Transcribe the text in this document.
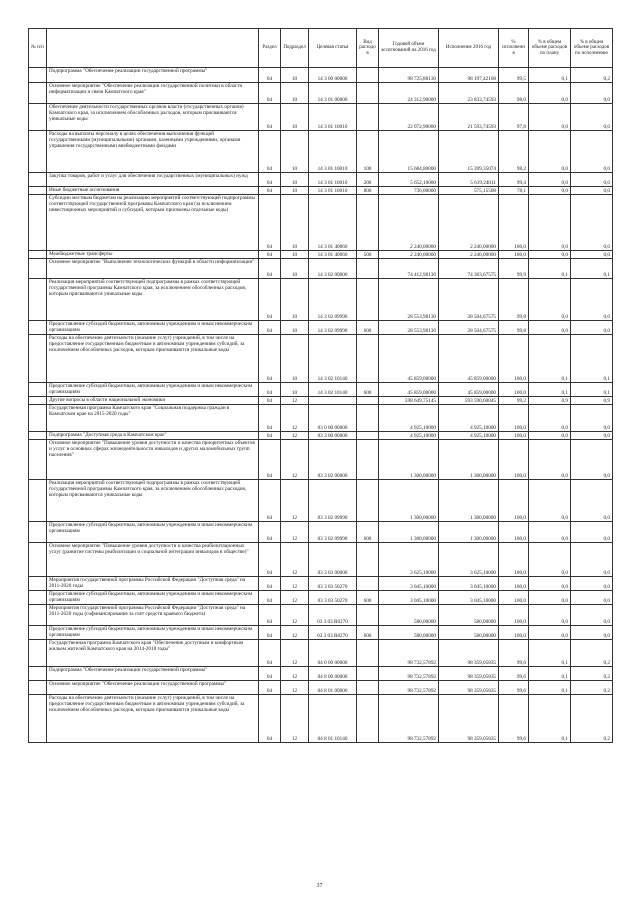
№ п/п		Раздел	Подраздел	Целевая статья	Вид расходов	Годовой объем ассигнований на 2016 год	Исполнение 2016 год	% исполнения	% в общем объеме расходов по плану	% в общем объеме расходов по исполнению
	Подпрограмма "Обеспечение реализации государственной программы"	04	10	14 3 00 00000		98 725,88130	98 197,42168	99,5	0,1	0,2
	Основное мероприятие "Обеспечение реализации государственной политики в области информатизации и связи Камчатского края"	04	10	14 3 01 00000		24 312,90000	23 833,74593	98,0	0,0	0,0
	Обеспечение деятельности государственных органов власти (государственных органов) Камчатского края, за исключением обособленных расходов, которым присваиваются уникальные коды	04	10	14 3 01 10010		22 072,90000	21 593,74593	97,8	0,0	0,0
	Расходы на выплаты персоналу в целях обеспечения выполнения функций государственными (муниципальными) органами, казенными учреждениями, органами управления государственными внебюджетными фондами	04	10	14 3 01 10010	100	15 684,80000	15 399,35074	98,2	0,0	0,0
	Закупка товаров, работ и услуг для обеспечения государственных (муниципальных) нужд	04	10	14 3 01 10010	200	5 652,10000	5 619,24011	99,4	0,0	0,0
	Иные бюджетные ассигнования	04	10	14 3 01 10010	800	736,00000	575,15508	78,1	0,0	0,0
	Субсидии местным бюджетам на реализацию мероприятий соответствующей подпрограммы соответствующей государственной программы Камчатского края (за исключением инвестиционных мероприятий и субсидий, которым присвоены отдельные коды)	04	10	14 3 01 40060		2 240,00000	2 240,00000	100,0	0,0	0,0
	Межбюджетные трансферты	04	10	14 3 01 40060	500	2 240,00000	2 240,00000	100,0	0,0	0,0
	Основное мероприятие "Выполнение технологических функций в области информатизации"	04	10	14 3 02 00000		74 412,98130	74 363,67575	99,9	0,1	0,1
	Реализация мероприятий соответствующей подпрограммы в рамках соответствующей государственной программы Камчатского края, за исключением обособленных расходов, которым присваиваются уникальные коды	04	10	14 3 02 09990		28 553,98130	28 504,67575	99,8	0,0	0,0
	Предоставление субсидий бюджетным, автономным учреждениям и иным некоммерческим организациям	04	10	14 3 02 09990	600	28 553,98130	28 504,67575	99,8	0,0	0,0
	Расходы на обеспечение деятельности (оказание услуг) учреждений, в том числе на предоставление государственным бюджетным и автономным учреждениям субсидий, за исключением обособленных расходов, которым присваиваются уникальные коды	04	10	14 3 02 10140		45 859,00000	45 859,00000	100,0	0,1	0,1
	Предоставление субсидий бюджетным, автономным учреждениям и иным некоммерческим организациям	04	10	14 3 02 10140	600	45 859,00000	45 859,00000	100,0	0,1	0,1
	Другие вопросы в области национальной экономики	04	12			598 649,75145	593 590,60045	99,2	0,9	0,9
	Государственная программа Камчатского края "Социальная поддержка граждан в Камчатском крае на 2015-2020 годы"	04	12	03 0 00 00000		4 925,10000	4 925,10000	100,0	0,0	0,0
	Подпрограмма "Доступная среда в Камчатском крае"	04	12	03 3 00 00000		4 925,10000	4 925,10000	100,0	0,0	0,0
	Основное мероприятие "Повышение уровня доступности и качества приоритетных объектов и услуг в основных сферах жизнедеятельности инвалидов и других маломобильных групп населения"	04	12	03 3 02 00000		1 300,00000	1 300,00000	100,0	0,0	0,0
	Реализация мероприятий соответствующей подпрограммы в рамках соответствующей государственной программы Камчатского края, за исключением обособленных расходов, которым присваиваются уникальные коды	04	12	03 3 02 09990		1 300,00000	1 300,00000	100,0	0,0	0,0
	Предоставление субсидий бюджетным, автономным учреждениям и иным некоммерческим организациям	04	12	03 3 02 09990	600	1 300,00000	1 300,00000	100,0	0,0	0,0
	Основное мероприятие "Повышение уровня доступности и качества реабилитационных услуг (развитие системы реабилитации и социальной интеграции инвалидов в обществе)"	04	12	03 3 03 00000		3 625,10000	3 625,10000	100,0	0,0	0,0
	Мероприятия государственной программы Российской Федерации "Доступная среда" на 2011-2020 годы	04	12	03 3 03 50270		3 045,10000	3 045,10000	100,0	0,0	0,0
	Предоставление субсидий бюджетным, автономным учреждениям и иным некоммерческим организациям	04	12	03 3 03 50270	600	3 045,10000	3 045,10000	100,0	0,0	0,0
	Мероприятия государственной программы Российской Федерации "Доступная среда" на 2011-2020 годы (софинансирование за счет средств краевого бюджета)	04	12	03 3 03 R0270		580,00000	580,00000	100,0	0,0	0,0
	Предоставление субсидий бюджетным, автономным учреждениям и иным некоммерческим организациям	04	12	03 3 03 R0270	600	580,00000	580,00000	100,0	0,0	0,0
	Государственная программа Камчатского края "Обеспечение доступным и комфортным жильем жителей Камчатского края на 2014-2018 годы"	04	12	04 0 00 00000		98 732,57892	98 359,05835	99,6	0,1	0,2
	Подпрограмма "Обеспечение реализации государственной программы"	04	12	04 8 00 00000		98 732,57892	98 359,05835	99,6	0,1	0,2
	Основное мероприятие "Обеспечение реализации государственной программы"	04	12	04 8 01 00000		98 732,57892	98 359,05835	99,6	0,1	0,2
	Расходы на обеспечение деятельности (оказание услуг) учреждений, в том числе на предоставление государственным бюджетным и автономным учреждениям субсидий, за исключением обособленных расходов, которым присваиваются уникальные коды	04	12	04 8 01 10140		98 732,57892	98 359,05835	99,6	0,1	0,2
37
